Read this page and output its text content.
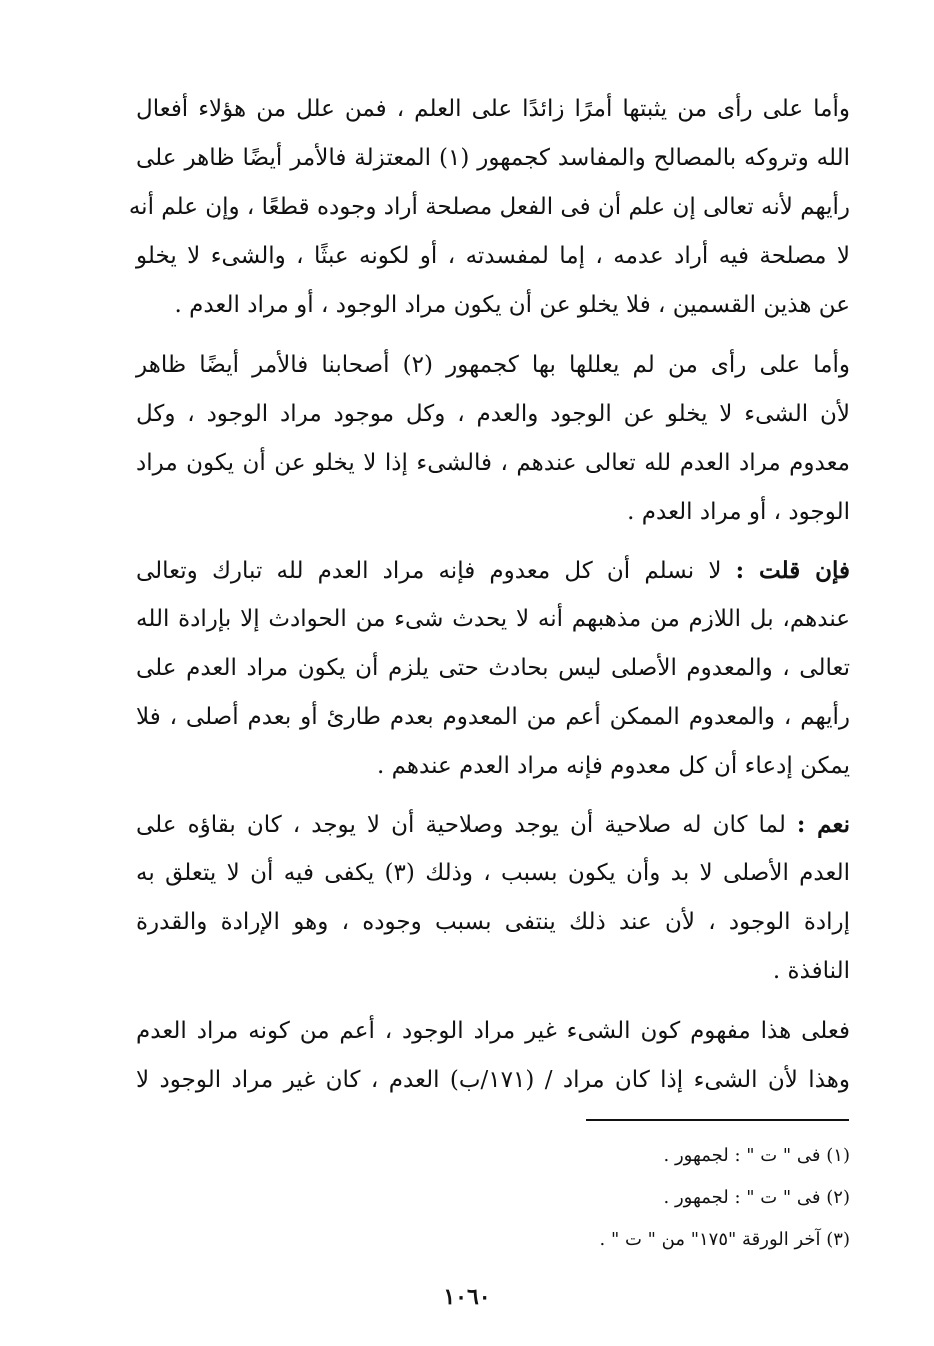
وأما على رأى من يثبتها أمرًا زائدًا على العلم ، فمن علل من هؤلاء أفعال
الله وتروكه بالمصالح والمفاسد كجمهور (١) المعتزلة فالأمر أيضًا ظاهر على
رأيهم لأنه تعالى إن علم أن فى الفعل مصلحة أراد وجوده قطعًا ، وإن علم أنه
لا مصلحة فيه أراد عدمه ، إما لمفسدته ، أو لكونه عبثًا ، والشىء لا يخلو
عن هذين القسمين ، فلا يخلو عن أن يكون مراد الوجود ، أو مراد العدم .
وأما على رأى من لم يعللها بها كجمهور (٢) أصحابنا فالأمر أيضًا ظاهر
لأن الشىء لا يخلو عن الوجود والعدم ، وكل موجود مراد الوجود ، وكل
معدوم مراد العدم لله تعالى عندهم ، فالشىء إذا لا يخلو عن أن يكون مراد
الوجود ، أو مراد العدم .
فإن قلت : لا نسلم أن كل معدوم فإنه مراد العدم لله تبارك وتعالى
عندهم، بل اللازم من مذهبهم أنه لا يحدث شىء من الحوادث إلا بإرادة الله
تعالى ، والمعدوم الأصلى ليس بحادث حتى يلزم أن يكون مراد العدم على
رأيهم ، والمعدوم الممكن أعم من المعدوم بعدم طارئ أو بعدم أصلى ، فلا
يمكن إدعاء أن كل معدوم فإنه مراد العدم عندهم .
نعم : لما كان له صلاحية أن يوجد وصلاحية أن لا يوجد ، كان بقاؤه على
العدم الأصلى لا بد وأن يكون بسبب ، وذلك (٣) يكفى فيه أن لا يتعلق به
إرادة الوجود ، لأن عند ذلك ينتفى بسبب وجوده ، وهو الإرادة والقدرة
النافذة .
فعلى هذا مفهوم كون الشىء غير مراد الوجود ، أعم من كونه مراد العدم
وهذا لأن الشىء إذا كان مراد / (١٧١/ب) العدم ، كان غير مراد الوجود لا
(١) فى " ت " : لجمهور .
(٢) فى " ت " : لجمهور .
(٣) آخر الورقة "١٧٥" من " ت " .
١٠٦٠
